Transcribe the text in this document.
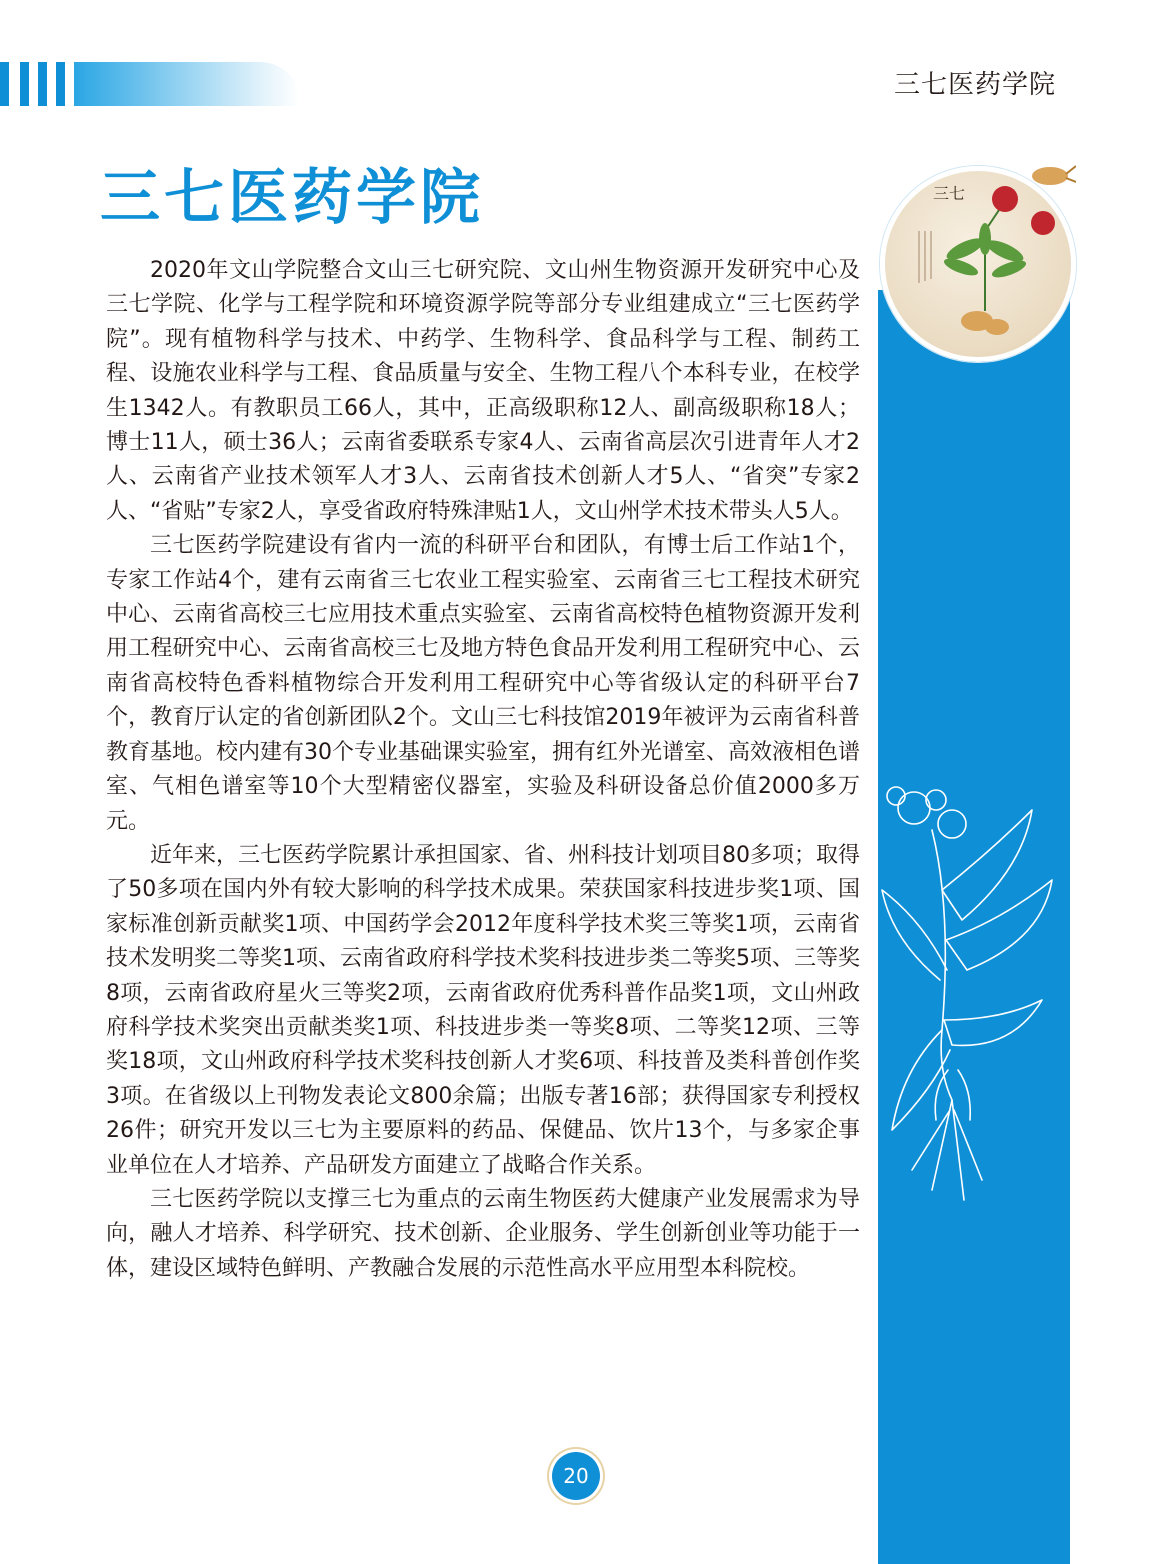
三七医药学院
三七医药学院	三七

2020年文山学院整合文山三七研究院、文山州生物资源开发研究中心及三七学院、化学与工程学院和环境资源学院等部分专业组建成立“三七医药学院”。现有植物科学与技术、中药学、生物科学、食品科学与工程、制药工程、设施农业科学与工程、食品质量与安全、生物工程八个本科专业，在校学生1342人。有教职员工66人，其中，正高级职称12人、副高级职称18人；博士11人，硕士36人；云南省委联系专家4人、云南省高层次引进青年人才2人、云南省产业技术领军人才3人、云南省技术创新人才5人、“省突”专家2人、“省贴”专家2人，享受省政府特殊津贴1人，文山州学术技术带头人5人。

三七医药学院建设有省内一流的科研平台和团队，有博士后工作站1个，专家工作站4个，建有云南省三七农业工程实验室、云南省三七工程技术研究中心、云南省高校三七应用技术重点实验室、云南省高校特色植物资源开发利用工程研究中心、云南省高校三七及地方特色食品开发利用工程研究中心、云南省高校特色香料植物综合开发利用工程研究中心等省级认定的科研平台7个，教育厅认定的省创新团队2个。文山三七科技馆2019年被评为云南省科普教育基地。校内建有30个专业基础课实验室，拥有红外光谱室、高效液相色谱室、气相色谱室等10个大型精密仪器室，实验及科研设备总价值2000多万元。

近年来，三七医药学院累计承担国家、省、州科技计划项目80多项；取得了50多项在国内外有较大影响的科学技术成果。荣获国家科技进步奖1项、国家标准创新贡献奖1项、中国药学会2012年度科学技术奖三等奖1项，云南省技术发明奖二等奖1项、云南省政府科学技术奖科技进步类二等奖5项、三等奖8项，云南省政府星火三等奖2项，云南省政府优秀科普作品奖1项，文山州政府科学技术奖突出贡献类奖1项、科技进步类一等奖8项、二等奖12项、三等奖18项，文山州政府科学技术奖科技创新人才奖6项、科技普及类科普创作奖3项。在省级以上刊物发表论文800余篇；出版专著16部；获得国家专利授权26件；研究开发以三七为主要原料的药品、保健品、饮片13个，与多家企事业单位在人才培养、产品研发方面建立了战略合作关系。

三七医药学院以支撑三七为重点的云南生物医药大健康产业发展需求为导向，融人才培养、科学研究、技术创新、企业服务、学生创新创业等功能于一体，建设区域特色鲜明、产教融合发展的示范性高水平应用型本科院校。

20
